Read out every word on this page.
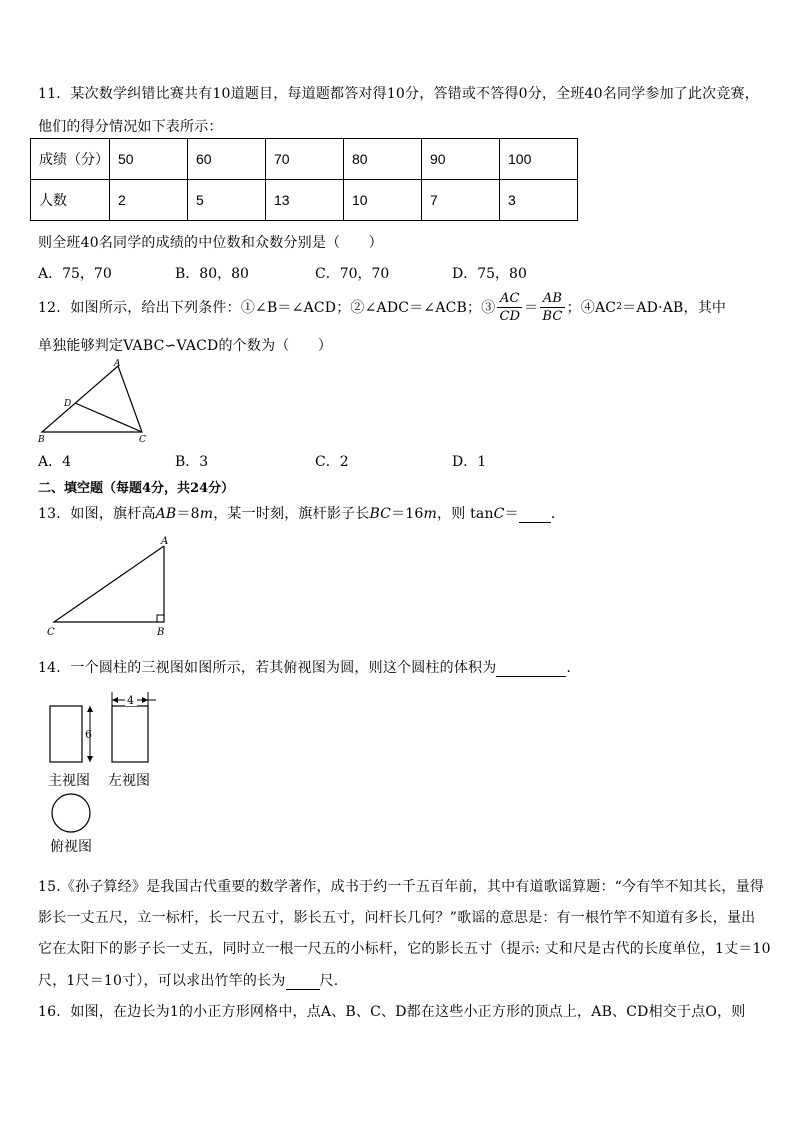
11．某次数学纠错比赛共有10道题目，每道题都答对得10分，答错或不答得0分，全班40名同学参加了此次竞赛，
他们的得分情况如下表所示：
成绩（分）	50	60	70	80	90	100
人数	2	5	13	10	7	3
则全班40名同学的成绩的中位数和众数分别是（　　）
A．75，70	B．80，80	C．70，70	D．75，80
12．如图所示，给出下列条件：①∠B＝∠ACD；②∠ADC＝∠ACB；③ $\frac{AC}{CD} = \frac{AB}{BC}$ ；④AC 2 ＝AD·AB，其中
单独能够判定VABC∽VACD的个数为（　　）
A
D
B	C
A．4	B．3	C．2	D．1
二、填空题（每题4分，共24分）
13．如图，旗杆高AB＝8m，某一时刻，旗杆影子长BC＝16m，则 tanC＝ .
A
C	B
14．一个圆柱的三视图如图所示，若其俯视图为圆，则这个圆柱的体积为	.
6
4
主视图 左视图
俯视图
15.《孙子算经》是我国古代重要的数学著作，成书于约一千五百年前，其中有道歌谣算题：“今有竿不知其长，量得
影长一丈五尺，立一标杆，长一尺五寸，影长五寸，问杆长几何？”歌谣的意思是：有一根竹竿不知道有多长，量出
它在太阳下的影子长一丈五，同时立一根一尺五的小标杆，它的影长五寸（提示: 丈和尺是古代的长度单位，1丈＝10
尺，1尺＝10寸），可以求出竹竿的长为 尺.
16．如图，在边长为1的小正方形网格中，点A、B、C、D都在这些小正方形的顶点上，AB、CD相交于点O，则
